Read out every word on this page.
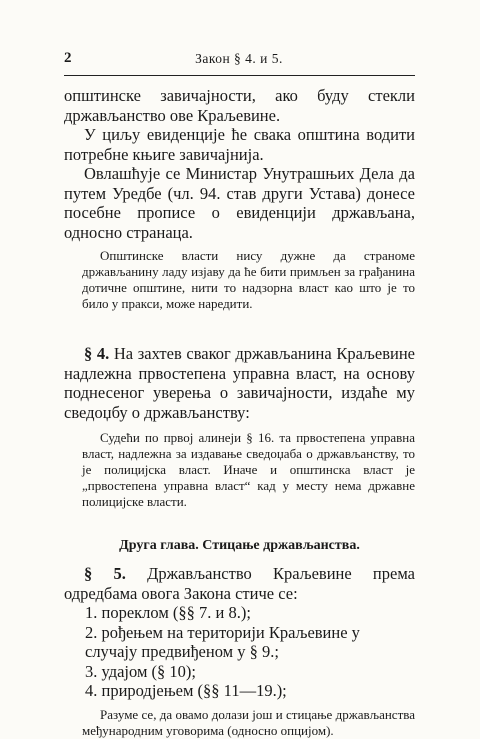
2	Закон § 4. и 5.

општинске завичајности, ако буду стекли држављанство ове Краљевине.

У циљу евиденције ће свака општина водити потребне књиге завичајнија.

Овлашћује се Министар Унутрашњих Дела да путем Уредбе (чл. 94. став други Устава) донесе посебне прописе о евиденцији држављана, односно странаца.

Општинске власти нису дужне да страноме држављанину ладу изјаву да ће бити примљен за грађанина дотичне општине, нити то надзорна власт као што је то било у пракси, може наредити.

§ 4. На захтев сваког држављанина Краљевине надлежна првостепена управна власт, на основу поднесеног уверења о завичајности, издаће му сведоџбу о држављанству:

Судећи по првој алинеји § 16. та првостепена управна власт, надлежна за издавање сведоџаба о држављанству, то је полицијска власт. Иначе и општинска власт је „првостепена управна власт“ кад у месту нема државне полицијске власти.

Друга глава. Стицање држављанства.

§ 5. Држављанство Краљевине према одредбама овога Закона стиче се:

1. пореклом (§§ 7. и 8.);

2. рођењем на територији Краљевине у случају предвиђеном у § 9.;

3. удајом (§ 10);

4. природјењем (§§ 11—19.);

Разуме се, да овамо долази још и стицање држављанства међународним уговорима (односно опцијом).
